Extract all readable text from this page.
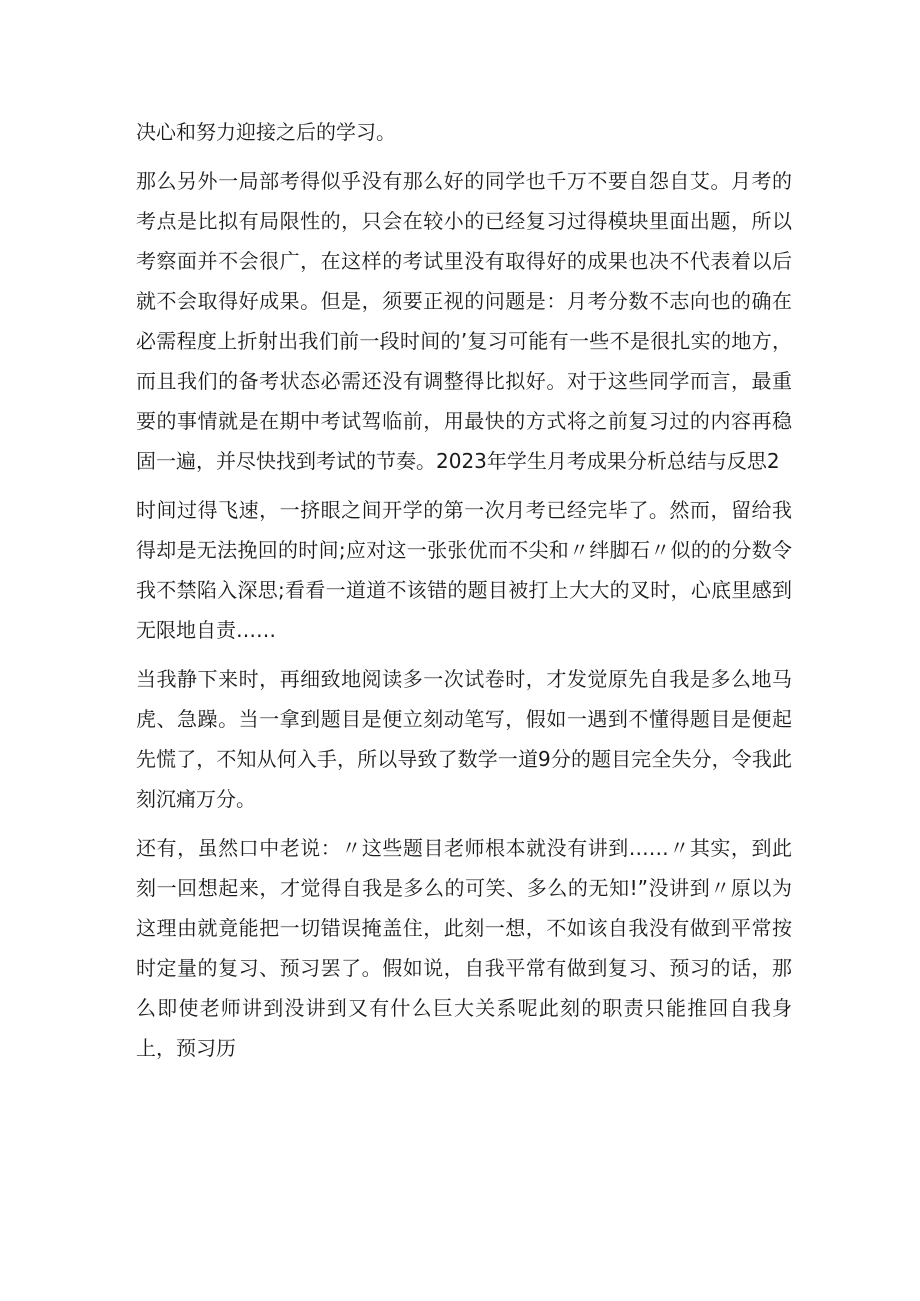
决心和努力迎接之后的学习。

那么另外一局部考得似乎没有那么好的同学也千万不要自怨自艾。月考的考点是比拟有局限性的，只会在较小的已经复习过得模块里面出题，所以考察面并不会很广，在这样的考试里没有取得好的成果也决不代表着以后就不会取得好成果。但是，须要正视的问题是：月考分数不志向也的确在必需程度上折射出我们前一段时间的’复习可能有一些不是很扎实的地方，而且我们的备考状态必需还没有调整得比拟好。对于这些同学而言，最重要的事情就是在期中考试驾临前，用最快的方式将之前复习过的内容再稳固一遍，并尽快找到考试的节奏。2023年学生月考成果分析总结与反思2

时间过得飞速，一挤眼之间开学的第一次月考已经完毕了。然而，留给我得却是无法挽回的时间;应对这一张张优而不尖和〃绊脚石〃似的的分数令我不禁陷入深思;看看一道道不该错的题目被打上大大的叉时，心底里感到无限地自责……

当我静下来时，再细致地阅读多一次试卷时，才发觉原先自我是多么地马虎、急躁。当一拿到题目是便立刻动笔写，假如一遇到不懂得题目是便起先慌了，不知从何入手，所以导致了数学一道9分的题目完全失分，令我此刻沉痛万分。

还有，虽然口中老说：〃这些题目老师根本就没有讲到……〃其实，到此刻一回想起来，才觉得自我是多么的可笑、多么的无知!”没讲到〃原以为这理由就竟能把一切错误掩盖住，此刻一想，不如该自我没有做到平常按时定量的复习、预习罢了。假如说，自我平常有做到复习、预习的话，那么即使老师讲到没讲到又有什么巨大关系呢此刻的职责只能推回自我身上，预习历
